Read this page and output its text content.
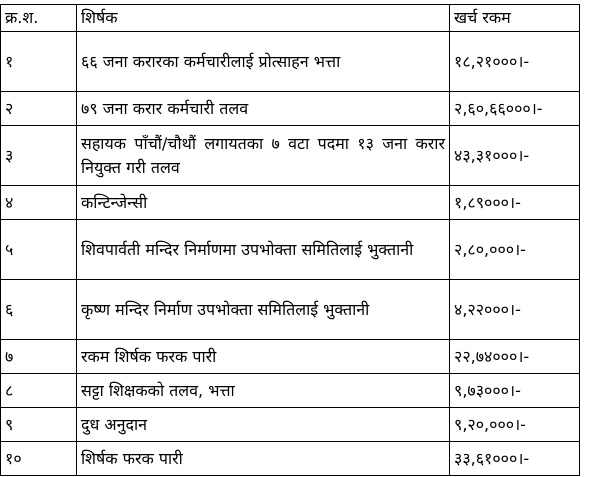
क्र.श.	शिर्षक	खर्च रकम
१	६६ जना करारका कर्मचारीलाई प्रोत्साहन भत्ता	१८,२१०००।-
२	७९ जना करार कर्मचारी तलव	२,६०,६६०००।-
३	सहायक पाँचौं/चौथौं लगायतका ७ वटा पदमा १३ जना करार नियुक्त गरी तलव	४३,३१०००।-
४	कन्टिन्जेन्सी	१,८९०००।-
५	शिवपार्वती मन्दिर निर्माणमा उपभोक्ता समितिलाई भुक्तानी	२,८०,०००।-
६	कृष्ण मन्दिर निर्माण उपभोक्ता समितिलाई भुक्तानी	४,२२०००।-
७	रकम शिर्षक फरक पारी	२२,७४०००।-
८	सट्टा शिक्षकको तलव, भत्ता	९,७३०००।-
९	दुध अनुदान	९,२०,०००।-
१०	शिर्षक फरक पारी	३३,६१०००।-
